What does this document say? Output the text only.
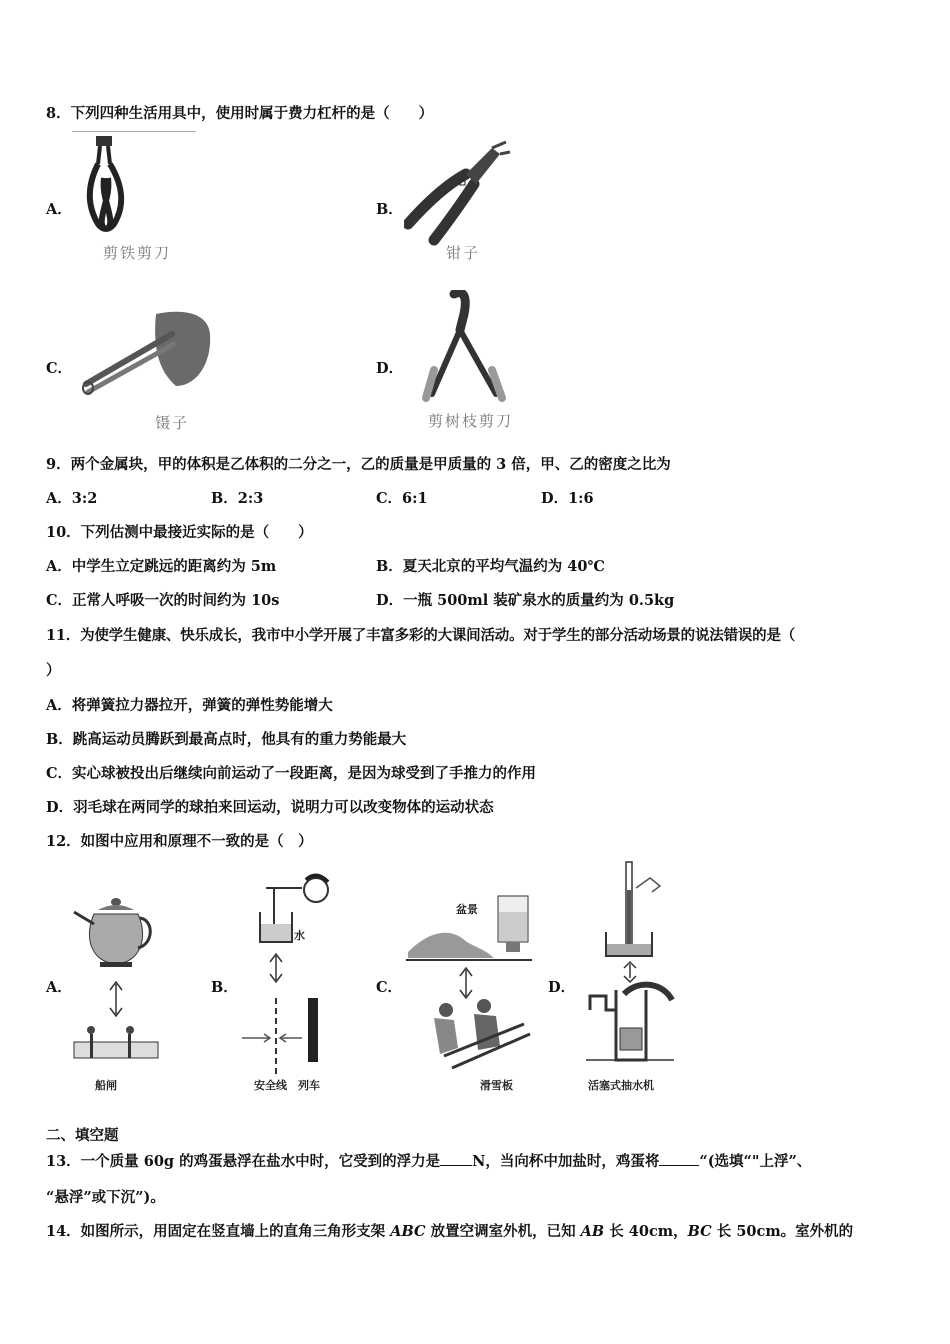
8．下列四种生活用具中，使用时属于费力杠杆的是（　　）
A．
剪铁剪刀
B．
钳子
C．
镊子
D．
剪树枝剪刀
9．两个金属块，甲的体积是乙体积的二分之一，乙的质量是甲质量的 3 倍，甲、乙的密度之比为
A．3:2	B．2:3	C．6:1	D．1:6
10．下列估测中最接近实际的是（　　）
A．中学生立定跳远的距离约为 5m	B．夏天北京的平均气温约为 40℃
C．正常人呼吸一次的时间约为 10s	D．一瓶 500ml 装矿泉水的质量约为 0.5kg
11．为使学生健康、快乐成长，我市中小学开展了丰富多彩的大课间活动。对于学生的部分活动场景的说法错误的是（
）
A．将弹簧拉力器拉开，弹簧的弹性势能增大
B．跳高运动员腾跃到最高点时，他具有的重力势能最大
C．实心球被投出后继续向前运动了一段距离，是因为球受到了手推力的作用
D．羽毛球在两同学的球拍来回运动，说明力可以改变物体的运动状态
12．如图中应用和原理不一致的是（　）
A．
船闸
B．
水
安全线　列车
C．
盆景
滑雪板
D．
活塞式抽水机
二、填空题
13．一个质量 60g 的鸡蛋悬浮在盐水中时，它受到的浮力是 N，当向杯中加盐时，鸡蛋将	“(选填“"上浮”、
“悬浮”或下沉”)。
14．如图所示，用固定在竖直墙上的直角三角形支架 ABC 放置空调室外机，已知 AB 长 40cm，BC 长 50cm。室外机的
